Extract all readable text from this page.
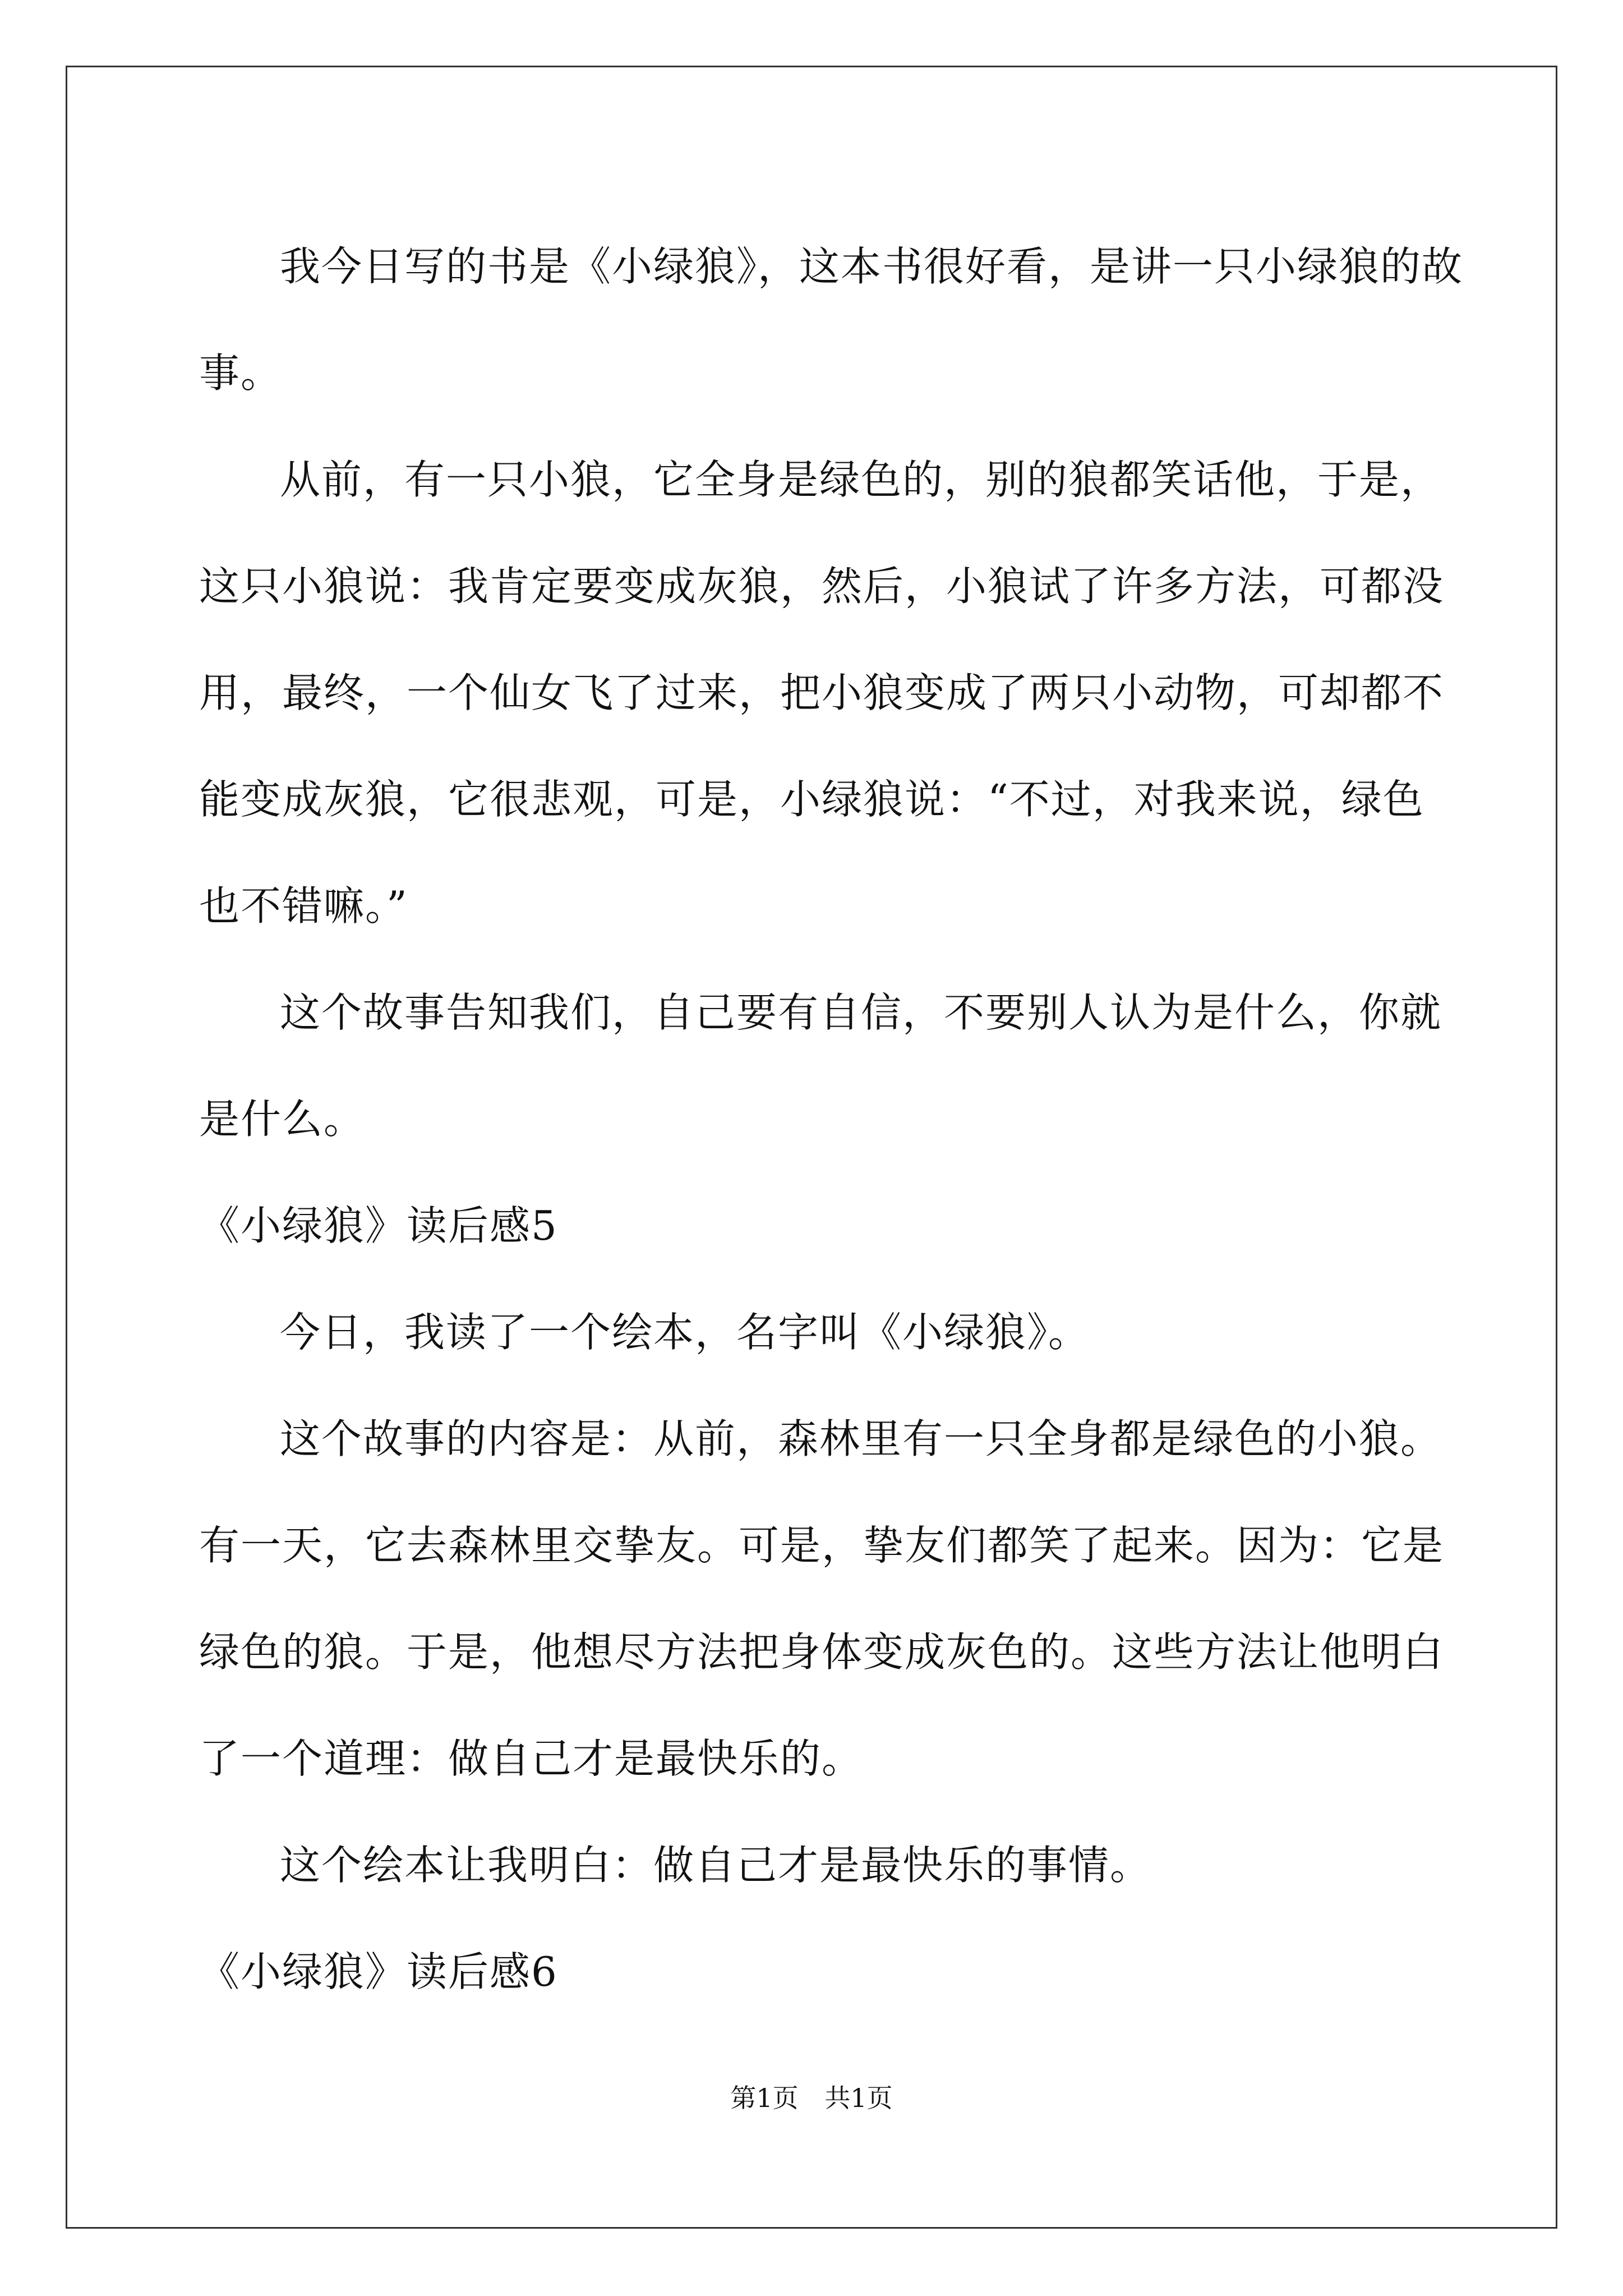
我今日写的书是《小绿狼》，这本书很好看，是讲一只小绿狼的故
事。
从前，有一只小狼，它全身是绿色的，别的狼都笑话他，于是，
这只小狼说：我肯定要变成灰狼，然后，小狼试了许多方法，可都没
用，最终，一个仙女飞了过来，把小狼变成了两只小动物，可却都不
能变成灰狼，它很悲观，可是，小绿狼说：“不过，对我来说，绿色
也不错嘛。”
这个故事告知我们，自己要有自信，不要别人认为是什么，你就
是什么。
《小绿狼》读后感5
今日，我读了一个绘本，名字叫《小绿狼》。
这个故事的内容是：从前，森林里有一只全身都是绿色的小狼。
有一天，它去森林里交挚友。可是，挚友们都笑了起来。因为：它是
绿色的狼。于是，他想尽方法把身体变成灰色的。这些方法让他明白
了一个道理：做自己才是最快乐的。
这个绘本让我明白：做自己才是最快乐的事情。
《小绿狼》读后感6
第1页 共1页
